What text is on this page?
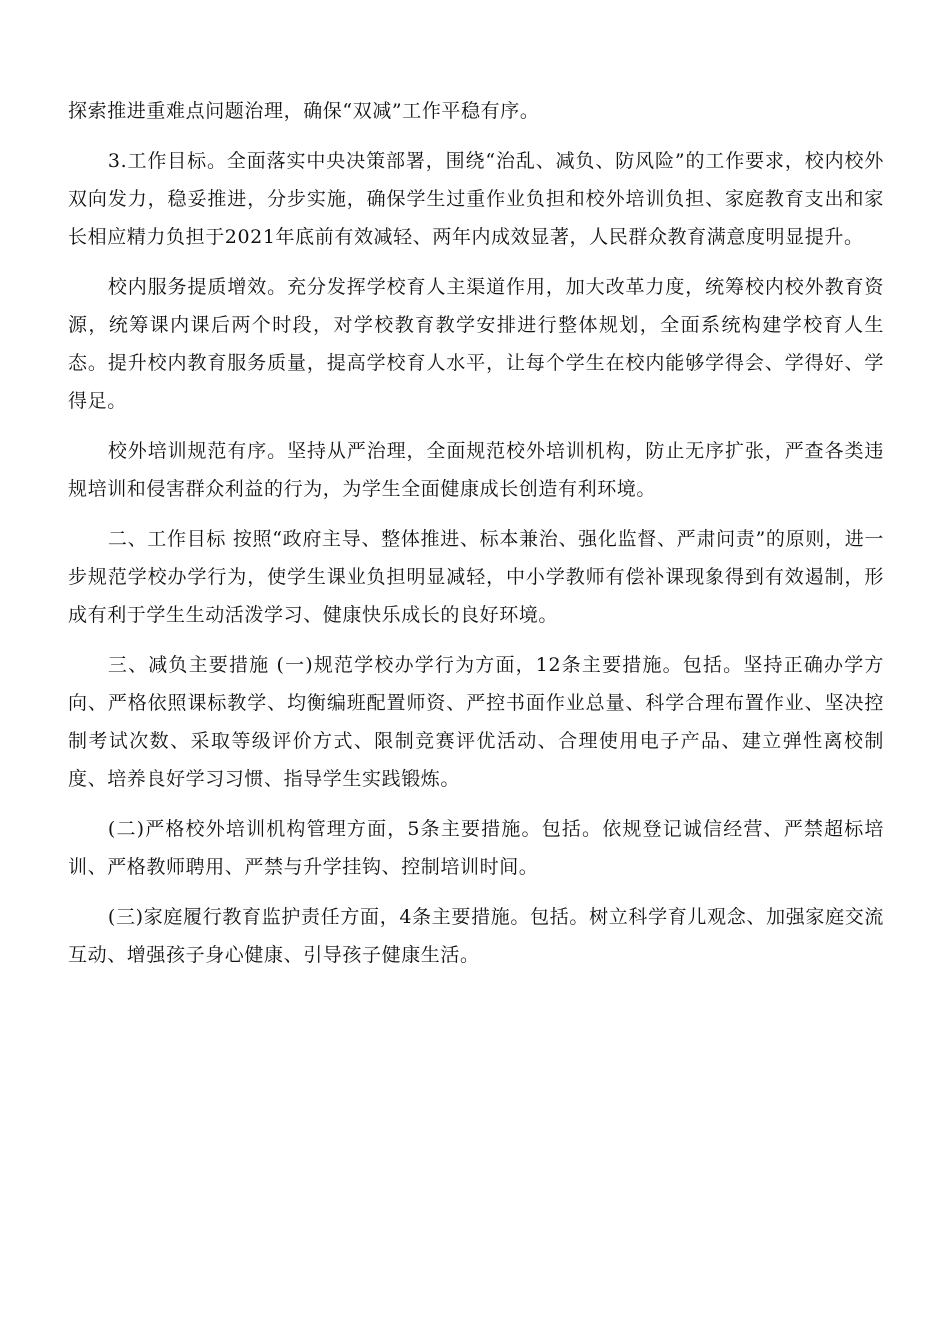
探索推进重难点问题治理，确保“双减”工作平稳有序。

3.工作目标。全面落实中央决策部署，围绕“治乱、减负、防风险”的工作要求，校内校外双向发力，稳妥推进，分步实施，确保学生过重作业负担和校外培训负担、家庭教育支出和家长相应精力负担于2021年底前有效减轻、两年内成效显著，人民群众教育满意度明显提升。

校内服务提质增效。充分发挥学校育人主渠道作用，加大改革力度，统筹校内校外教育资源，统筹课内课后两个时段，对学校教育教学安排进行整体规划，全面系统构建学校育人生态。提升校内教育服务质量，提高学校育人水平，让每个学生在校内能够学得会、学得好、学得足。

校外培训规范有序。坚持从严治理，全面规范校外培训机构，防止无序扩张，严查各类违规培训和侵害群众利益的行为，为学生全面健康成长创造有利环境。

二、工作目标 按照“政府主导、整体推进、标本兼治、强化监督、严肃问责”的原则，进一步规范学校办学行为，使学生课业负担明显减轻，中小学教师有偿补课现象得到有效遏制，形成有利于学生生动活泼学习、健康快乐成长的良好环境。

三、减负主要措施 (一)规范学校办学行为方面，12条主要措施。包括。坚持正确办学方向、严格依照课标教学、均衡编班配置师资、严控书面作业总量、科学合理布置作业、坚决控制考试次数、采取等级评价方式、限制竞赛评优活动、合理使用电子产品、建立弹性离校制度、培养良好学习习惯、指导学生实践锻炼。

(二)严格校外培训机构管理方面，5条主要措施。包括。依规登记诚信经营、严禁超标培训、严格教师聘用、严禁与升学挂钩、控制培训时间。

(三)家庭履行教育监护责任方面，4条主要措施。包括。树立科学育儿观念、加强家庭交流互动、增强孩子身心健康、引导孩子健康生活。
